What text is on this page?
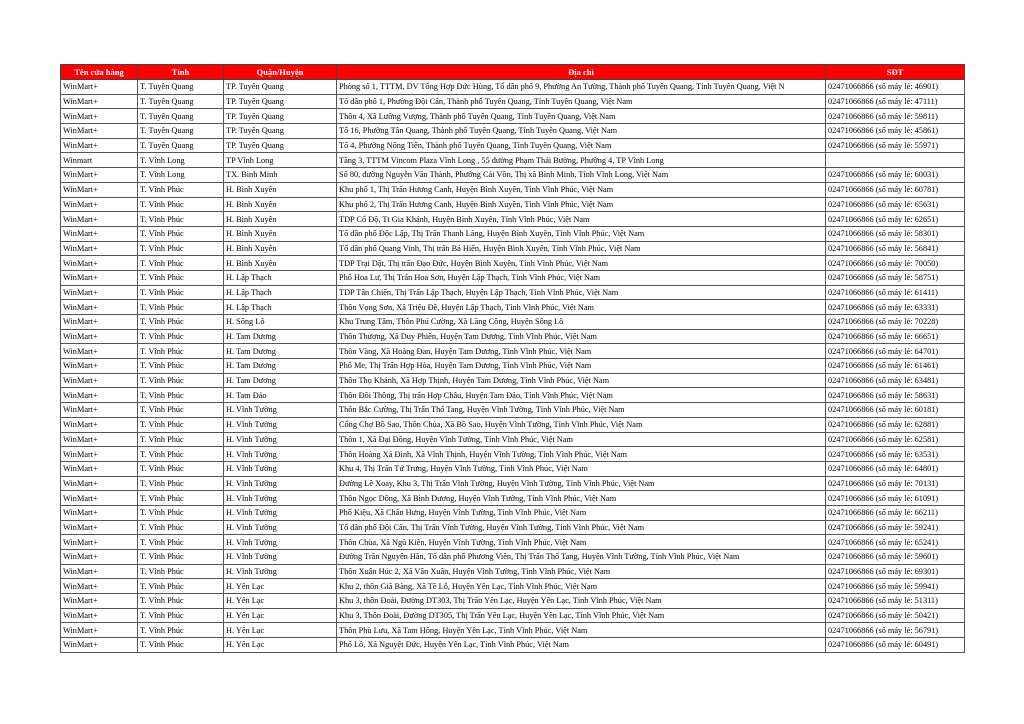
Tên cửa hàng	Tỉnh	Quận/Huyện	Địa chỉ	SĐT
WinMart+	T. Tuyên Quang	TP. Tuyên Quang	Phòng số 1, TTTM, DV Tổng Hợp Đức Hùng, Tổ dân phố 9, Phường An Tường, Thành phố Tuyên Quang, Tỉnh Tuyên Quang, Việt N	02471066866 (số máy lẻ: 46901)
WinMart+	T. Tuyên Quang	TP. Tuyên Quang	Tổ dân phố 1, Phường Đội Cấn, Thành phố Tuyên Quang, Tỉnh Tuyên Quang, Việt Nam	02471066866 (số máy lẻ: 47111)
WinMart+	T. Tuyên Quang	TP. Tuyên Quang	Thôn 4, Xã Lưỡng Vượng, Thành phố Tuyên Quang, Tỉnh Tuyên Quang, Việt Nam	02471066866 (số máy lẻ: 59811)
WinMart+	T. Tuyên Quang	TP. Tuyên Quang	Tổ 16, Phường Tân Quang, Thành phố Tuyên Quang, Tỉnh Tuyên Quang, Việt Nam	02471066866 (số máy lẻ: 45861)
WinMart+	T. Tuyên Quang	TP. Tuyên Quang	Tổ 4, Phường Nông Tiến, Thành phố Tuyên Quang, Tỉnh Tuyên Quang, Việt Nam	02471066866 (số máy lẻ: 55971)
Winmart	T. Vĩnh Long	TP Vĩnh Long	Tầng 3, TTTM Vincom Plaza Vĩnh Long , 55 đường Phạm Thái Bường, Phường 4, TP Vĩnh Long	
WinMart+	T. Vĩnh Long	TX. Bình Minh	Số 80, đường Nguyễn Văn Thành, Phường Cái Vồn, Thị xã Bình Minh, Tỉnh Vĩnh Long, Việt Nam	02471066866 (số máy lẻ: 60031)
WinMart+	T. Vĩnh Phúc	H. Bình Xuyên	Khu phố 1, Thị Trấn Hương Canh, Huyện Bình Xuyên, Tỉnh Vĩnh Phúc, Việt Nam	02471066866 (số máy lẻ: 60781)
WinMart+	T. Vĩnh Phúc	H. Bình Xuyên	Khu phố 2, Thị Trấn Hương Canh, Huyện Bình Xuyên, Tỉnh Vĩnh Phúc, Việt Nam	02471066866 (số máy lẻ: 65631)
WinMart+	T. Vĩnh Phúc	H. Bình Xuyên	TDP Cổ Độ, Tt Gia Khánh, Huyện Bình Xuyên, Tỉnh Vĩnh Phúc, Việt Nam	02471066866 (số máy lẻ: 62651)
WinMart+	T. Vĩnh Phúc	H. Bình Xuyên	Tổ dân phố Độc Lập, Thị Trấn Thanh Lãng, Huyện Bình Xuyên, Tỉnh Vĩnh Phúc, Việt Nam	02471066866 (số máy lẻ: 58301)
WinMart+	T. Vĩnh Phúc	H. Bình Xuyên	Tổ dân phố Quang Vinh, Thị trấn Bá Hiến, Huyện Bình Xuyên, Tỉnh Vĩnh Phúc, Việt Nam	02471066866 (số máy lẻ: 56841)
WinMart+	T. Vĩnh Phúc	H. Bình Xuyên	TDP Trại Dật, Thị trấn Đạo Đức, Huyện Bình Xuyên, Tỉnh Vĩnh Phúc, Việt Nam	02471066866 (số máy lẻ: 70050)
WinMart+	T. Vĩnh Phúc	H. Lập Thạch	Phố Hoa Lư, Thị Trấn Hoa Sơn, Huyện Lập Thạch, Tỉnh Vĩnh Phúc, Việt Nam	02471066866 (số máy lẻ: 58751)
WinMart+	T. Vĩnh Phúc	H. Lập Thạch	TDP Tân Chiến, Thị Trấn Lập Thạch, Huyện Lập Thạch, Tỉnh Vĩnh Phúc, Việt Nam	02471066866 (số máy lẻ: 61411)
WinMart+	T. Vĩnh Phúc	H. Lập Thạch	Thôn Vọng Sơn, Xã Triệu Đề, Huyện Lập Thạch, Tỉnh Vĩnh Phúc, Việt Nam	02471066866 (số máy lẻ: 63331)
WinMart+	T. Vĩnh Phúc	H. Sông Lô	Khu Trung Tâm, Thôn Phú Cường, Xã Lãng Công, Huyện Sông Lô	02471066866 (số máy lẻ: 70228)
WinMart+	T. Vĩnh Phúc	H. Tam Dương	Thôn Thượng, Xã Duy Phiên, Huyện Tam Dương, Tỉnh Vĩnh Phúc, Việt Nam	02471066866 (số máy lẻ: 66651)
WinMart+	T. Vĩnh Phúc	H. Tam Dương	Thôn Vàng, Xã Hoàng Đan, Huyện Tam Dương, Tỉnh Vĩnh Phúc, Việt Nam	02471066866 (số máy lẻ: 64701)
WinMart+	T. Vĩnh Phúc	H. Tam Dương	Phố Me, Thị Trấn Hợp Hòa, Huyện Tam Dương, Tỉnh Vĩnh Phúc, Việt Nam	02471066866 (số máy lẻ: 61461)
WinMart+	T. Vĩnh Phúc	H. Tam Dương	Thôn Thọ Khánh, Xã Hợp Thịnh, Huyện Tam Dương, Tỉnh Vĩnh Phúc, Việt Nam	02471066866 (số máy lẻ: 63481)
WinMart+	T. Vĩnh Phúc	H. Tam Đảo	Thôn Đồi Thông, Thị trấn Hợp Châu, Huyện Tam Đảo, Tỉnh Vĩnh Phúc, Việt Nam	02471066866 (số máy lẻ: 58631)
WinMart+	T. Vĩnh Phúc	H. Vĩnh Tường	Thôn Bắc Cường, Thị Trấn Thổ Tang, Huyện Vĩnh Tường, Tỉnh Vĩnh Phúc, Việt Nam	02471066866 (số máy lẻ: 60181)
WinMart+	T. Vĩnh Phúc	H. Vĩnh Tường	Cổng Chợ Bồ Sao, Thôn Chùa, Xã Bồ Sao, Huyện Vĩnh Tường, Tỉnh Vĩnh Phúc, Việt Nam	02471066866 (số máy lẻ: 62881)
WinMart+	T. Vĩnh Phúc	H. Vĩnh Tường	Thôn 1, Xã Đại Đồng, Huyện Vĩnh Tường, Tỉnh Vĩnh Phúc, Việt Nam	02471066866 (số máy lẻ: 62581)
WinMart+	T. Vĩnh Phúc	H. Vĩnh Tường	Thôn Hoàng Xá Đình, Xã Vĩnh Thịnh, Huyện Vĩnh Tường, Tỉnh Vĩnh Phúc, Việt Nam	02471066866 (số máy lẻ: 63531)
WinMart+	T. Vĩnh Phúc	H. Vĩnh Tường	Khu 4, Thị Trấn Tứ Trưng, Huyện Vĩnh Tường, Tỉnh Vĩnh Phúc, Việt Nam	02471066866 (số máy lẻ: 64801)
WinMart+	T. Vĩnh Phúc	H. Vĩnh Tường	Đường Lê Xoay, Khu 3, Thị Trấn Vĩnh Tường, Huyện Vĩnh Tường, Tỉnh Vĩnh Phúc, Việt Nam	02471066866 (số máy lẻ: 70131)
WinMart+	T. Vĩnh Phúc	H. Vĩnh Tường	Thôn Ngọc Dông, Xã Bình Dương, Huyện Vĩnh Tường, Tỉnh Vĩnh Phúc, Việt Nam	02471066866 (số máy lẻ: 61091)
WinMart+	T. Vĩnh Phúc	H. Vĩnh Tường	Phố Kiệu, Xã Chấn Hưng, Huyện Vĩnh Tường, Tỉnh Vĩnh Phúc, Việt Nam	02471066866 (số máy lẻ: 66211)
WinMart+	T. Vĩnh Phúc	H. Vĩnh Tường	Tổ dân phố Đội Cấn, Thị Trấn Vĩnh Tường, Huyện Vĩnh Tường, Tỉnh Vĩnh Phúc, Việt Nam	02471066866 (số máy lẻ: 59241)
WinMart+	T. Vĩnh Phúc	H. Vĩnh Tường	Thôn Chùa, Xã Ngũ Kiên, Huyện Vĩnh Tường, Tỉnh Vĩnh Phúc, Việt Nam	02471066866 (số máy lẻ: 65241)
WinMart+	T. Vĩnh Phúc	H. Vĩnh Tường	Đường Trần Nguyên Hãn, Tổ dân phố Phương Viên, Thị Trấn Thổ Tang, Huyện Vĩnh Tường, Tỉnh Vĩnh Phúc, Việt Nam	02471066866 (số máy lẻ: 59601)
WinMart+	T. Vĩnh Phúc	H. Vĩnh Tường	Thôn Xuân Húc 2, Xã Vân Xuân, Huyện Vĩnh Tường, Tỉnh Vĩnh Phúc, Việt Nam	02471066866 (số máy lẻ: 69301)
WinMart+	T. Vĩnh Phúc	H. Yên Lạc	Khu 2, thôn Giã Bàng, Xã Tề Lỗ, Huyện Yên Lạc, Tỉnh Vĩnh Phúc, Việt Nam	02471066866 (số máy lẻ: 59941)
WinMart+	T. Vĩnh Phúc	H. Yên Lạc	Khu 3, thôn Đoài, Đường DT303, Thị Trấn Yên Lạc, Huyện Yên Lạc, Tỉnh Vĩnh Phúc, Việt Nam	02471066866 (số máy lẻ: 51311)
WinMart+	T. Vĩnh Phúc	H. Yên Lạc	Khu 3, Thôn Đoài, Đường DT305, Thị Trấn Yên Lạc, Huyện Yên Lạc, Tỉnh Vĩnh Phúc, Việt Nam	02471066866 (số máy lẻ: 50421)
WinMart+	T. Vĩnh Phúc	H. Yên Lạc	Thôn Phù Lưu, Xã Tam Hồng, Huyện Yên Lạc, Tỉnh Vĩnh Phúc, Việt Nam	02471066866 (số máy lẻ: 56791)
WinMart+	T. Vĩnh Phúc	H. Yên Lạc	Phố Lồ, Xã Nguyệt Đức, Huyện Yên Lạc, Tỉnh Vĩnh Phúc, Việt Nam	02471066866 (số máy lẻ: 60491)
